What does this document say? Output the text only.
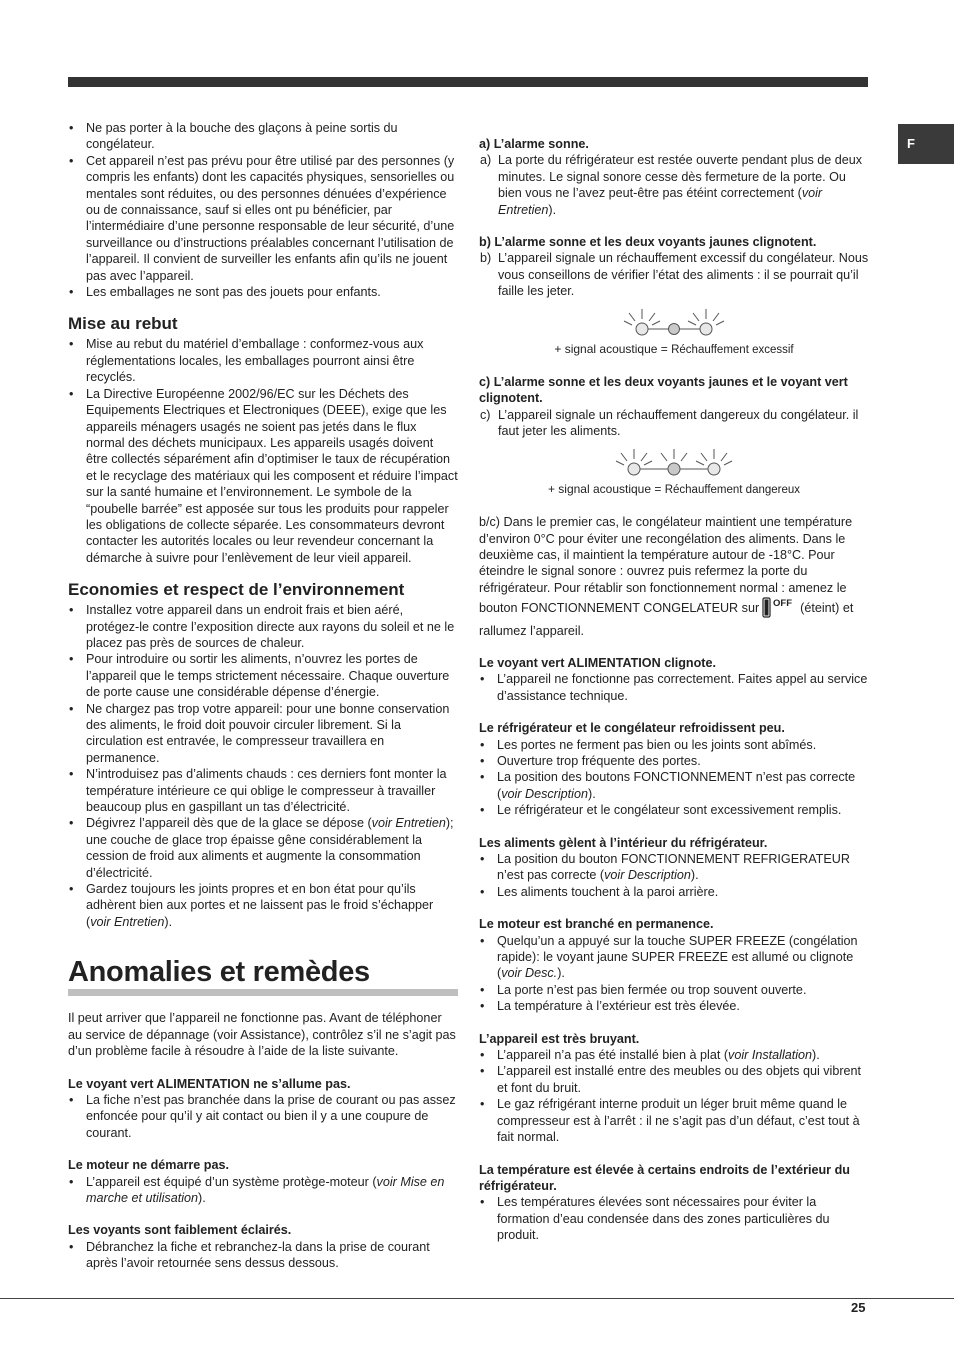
F
• Ne pas porter à la bouche des glaçons à peine sortis du congélateur.
• Cet appareil n’est pas prévu pour être utilisé par des personnes (y compris les enfants) dont les capacités physiques, sensorielles ou mentales sont réduites, ou des personnes dénuées d’expérience ou de connaissance, sauf si elles ont pu bénéficier, par l’intermédiaire d’une personne responsable de leur sécurité, d’une surveillance ou d’instructions préalables concernant l’utilisation de l’appareil. Il convient de surveiller les enfants afin qu’ils ne jouent pas avec l’appareil.
• Les emballages ne sont pas des jouets pour enfants.
Mise au rebut
• Mise au rebut du matériel d’emballage : conformez-vous aux réglementations locales, les emballages pourront ainsi être recyclés.
• La Directive Européenne 2002/96/EC sur les Déchets des Equipements Electriques et Electroniques (DEEE), exige que les appareils ménagers usagés ne soient pas jetés dans le flux normal des déchets municipaux. Les appareils usagés doivent être collectés séparément afin d’optimiser le taux de récupération et le recyclage des matériaux qui les composent et réduire l’impact sur la santé humaine et l’environnement. Le symbole de la “poubelle barrée” est apposée sur tous les produits pour rappeler les obligations de collecte séparée. Les consommateurs devront contacter les autorités locales ou leur revendeur concernant la démarche à suivre pour l’enlèvement de leur vieil appareil.
Economies et respect de l’environnement
• Installez votre appareil dans un endroit frais et bien aéré, protégez-le contre l’exposition directe aux rayons du soleil et ne le placez pas près de sources de chaleur.
• Pour introduire ou sortir les aliments, n’ouvrez les portes de l’appareil que le temps strictement nécessaire. Chaque ouverture de porte cause une considérable dépense d’énergie.
• Ne chargez pas trop votre appareil: pour une bonne conservation des aliments, le froid doit pouvoir circuler librement. Si la circulation est entravée, le compresseur travaillera en permanence.
• N’introduisez pas d’aliments chauds : ces derniers font monter la température intérieure ce qui oblige le compresseur à travailler beaucoup plus en gaspillant un tas d’électricité.
• Dégivrez l’appareil dès que de la glace se dépose (voir Entretien); une couche de glace trop épaisse gêne considérablement la cession de froid aux aliments et augmente la consommation d’électricité.
• Gardez toujours les joints propres et en bon état pour qu’ils adhèrent bien aux portes et ne laissent pas le froid s’échapper (voir Entretien).
Anomalies et remèdes

Il peut arriver que l’appareil ne fonctionne pas. Avant de téléphoner au service de dépannage (voir Assistance), contrôlez s’il ne s’agit pas d’un problème facile à résoudre à l’aide de la liste suivante.

Le voyant vert ALIMENTATION ne s’allume pas.

• La fiche n’est pas branchée dans la prise de courant ou pas assez enfoncée pour qu’il y ait contact ou bien il y a une coupure de courant.

Le moteur ne démarre pas.

• L’appareil est équipé d’un système protège-moteur (voir Mise en marche et utilisation).

Les voyants sont faiblement éclairés.

• Débranchez la fiche et rebranchez-la dans la prise de courant après l’avoir retournée sens dessus dessous.

a) L’alarme sonne.

a) La porte du réfrigérateur est restée ouverte pendant plus de deux minutes. Le signal sonore cesse dès fermeture de la porte. Ou bien vous ne l’avez peut-être pas étéint correctement (voir Entretien).

b) L’alarme sonne et les deux voyants jaunes clignotent.

b) L’appareil signale un réchauffement excessif du congélateur. Nous vous conseillons de vérifier l’état des aliments : il se pourrait qu’il faille les jeter.
+ signal acoustique = Réchauffement excessif

c) L’alarme sonne et les deux voyants jaunes et le voyant vert clignotent.

c) L’appareil signale un réchauffement dangereux du congélateur. il faut jeter les aliments.
+ signal acoustique = Réchauffement dangereux

b/c) Dans le premier cas, le congélateur maintient une température d’environ 0°C pour éviter une recongélation des aliments. Dans le deuxième cas, il maintient la température autour de -18°C. Pour éteindre le signal sonore : ouvrez puis refermez la porte du réfrigérateur. Pour rétablir son fonctionnement normal : amenez le bouton FONCTIONNEMENT CONGELATEUR sur OFF (éteint) et rallumez l’appareil.

Le voyant vert ALIMENTATION clignote.

• L’appareil ne fonctionne pas correctement. Faites appel au service d’assistance technique.

Le réfrigérateur et le congélateur refroidissent peu.

• Les portes ne ferment pas bien ou les joints sont abîmés.
• Ouverture trop fréquente des portes.
• La position des boutons FONCTIONNEMENT n’est pas correcte (voir Description).
• Le réfrigérateur et le congélateur sont excessivement remplis.

Les aliments gèlent à l’intérieur du réfrigérateur.

• La position du bouton FONCTIONNEMENT REFRIGERATEUR n’est pas correcte (voir Description).
• Les aliments touchent à la paroi arrière.

Le moteur est branché en permanence.

• Quelqu’un a appuyé sur la touche SUPER FREEZE (congélation rapide): le voyant jaune SUPER FREEZE est allumé ou clignote (voir Desc.).
• La porte n’est pas bien fermée ou trop souvent ouverte.
• La température à l’extérieur est très élevée.

L’appareil est très bruyant.

• L’appareil n’a pas été installé bien à plat (voir Installation).
• L’appareil est installé entre des meubles ou des objets qui vibrent et font du bruit.
• Le gaz réfrigérant interne produit un léger bruit même quand le compresseur est à l’arrêt : il ne s’agit pas d’un défaut, c’est tout à fait normal.

La température est élevée à certains endroits de l’extérieur du réfrigérateur.

• Les températures élevées sont nécessaires pour éviter la formation d’eau condensée dans des zones particulières du produit.
25
